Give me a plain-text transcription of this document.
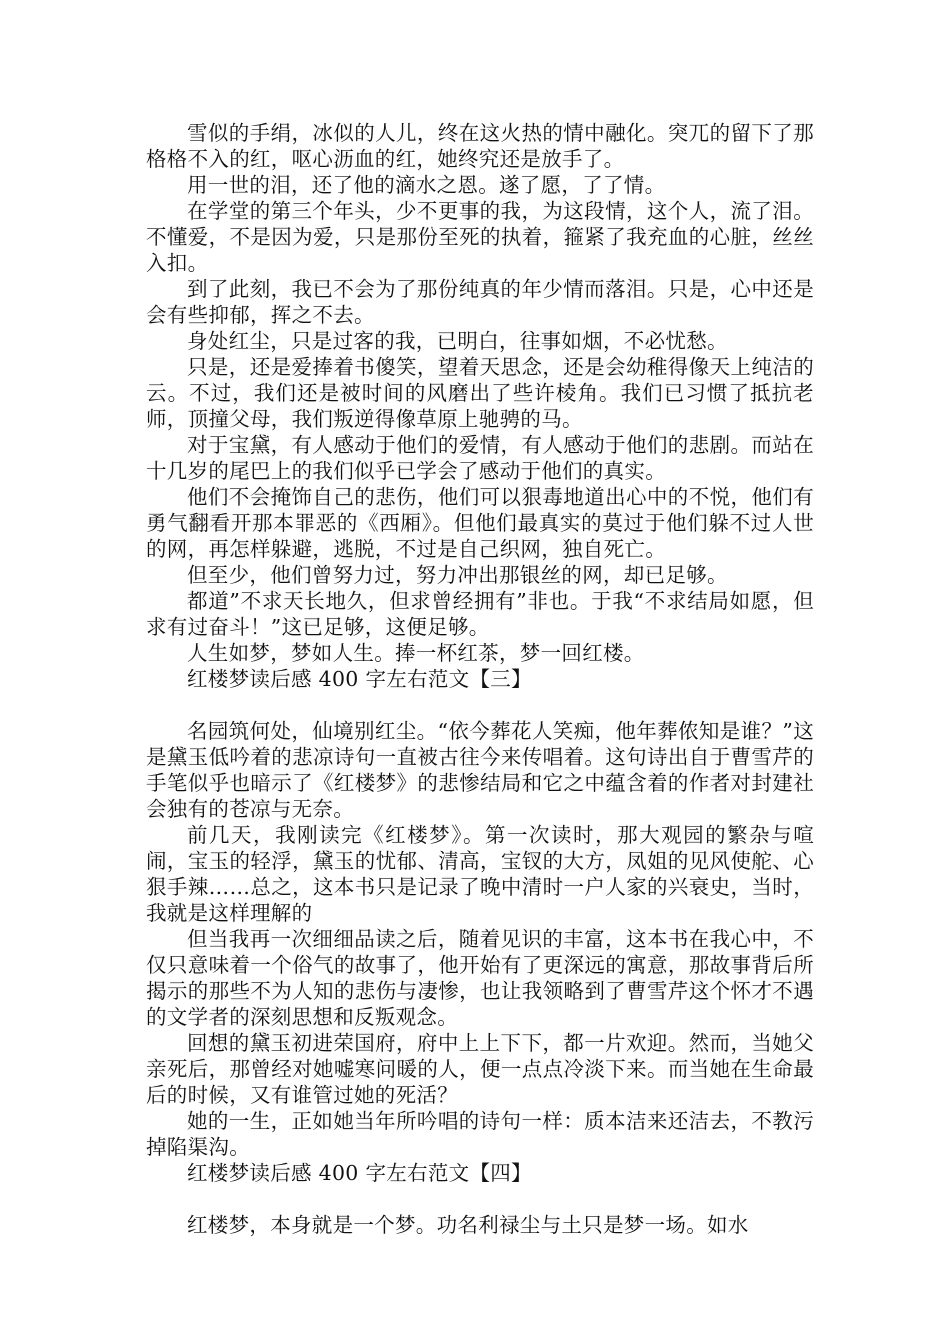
雪似的手绢，冰似的人儿，终在这火热的情中融化。突兀的留下了那格格不入的红，呕心沥血的红，她终究还是放手了。

用一世的泪，还了他的滴水之恩。遂了愿，了了情。

在学堂的第三个年头，少不更事的我，为这段情，这个人，流了泪。不懂爱，不是因为爱，只是那份至死的执着，箍紧了我充血的心脏，丝丝入扣。

到了此刻，我已不会为了那份纯真的年少情而落泪。只是，心中还是会有些抑郁，挥之不去。

身处红尘，只是过客的我，已明白，往事如烟，不必忧愁。

只是，还是爱捧着书傻笑，望着天思念，还是会幼稚得像天上纯洁的云。不过，我们还是被时间的风磨出了些许棱角。我们已习惯了抵抗老师，顶撞父母，我们叛逆得像草原上驰骋的马。

对于宝黛，有人感动于他们的爱情，有人感动于他们的悲剧。而站在十几岁的尾巴上的我们似乎已学会了感动于他们的真实。

他们不会掩饰自己的悲伤，他们可以狠毒地道出心中的不悦，他们有勇气翻看开那本罪恶的《西厢》。但他们最真实的莫过于他们躲不过人世的网，再怎样躲避，逃脱，不过是自己织网，独自死亡。

但至少，他们曾努力过，努力冲出那银丝的网，却已足够。

都道”不求天长地久，但求曾经拥有”非也。于我“不求结局如愿，但求有过奋斗！”这已足够，这便足够。

人生如梦，梦如人生。捧一杯红茶，梦一回红楼。

红楼梦读后感 400 字左右范文【三】

名园筑何处，仙境别红尘。“依今葬花人笑痴，他年葬侬知是谁？”这是黛玉低吟着的悲凉诗句一直被古往今来传唱着。这句诗出自于曹雪芹的手笔似乎也暗示了《红楼梦》的悲惨结局和它之中蕴含着的作者对封建社会独有的苍凉与无奈。

前几天，我刚读完《红楼梦》。第一次读时，那大观园的繁杂与喧闹，宝玉的轻浮，黛玉的忧郁、清高，宝钗的大方，凤姐的见风使舵、心狠手辣……总之，这本书只是记录了晚中清时一户人家的兴衰史，当时，我就是这样理解的

但当我再一次细细品读之后，随着见识的丰富，这本书在我心中，不仅只意味着一个俗气的故事了，他开始有了更深远的寓意，那故事背后所揭示的那些不为人知的悲伤与凄惨，也让我领略到了曹雪芹这个怀才不遇的文学者的深刻思想和反叛观念。

回想的黛玉初进荣国府，府中上上下下，都一片欢迎。然而，当她父亲死后，那曾经对她嘘寒问暖的人，便一点点冷淡下来。而当她在生命最后的时候，又有谁管过她的死活？

她的一生，正如她当年所吟唱的诗句一样：质本洁来还洁去，不教污掉陷渠沟。

红楼梦读后感 400 字左右范文【四】

红楼梦，本身就是一个梦。功名利禄尘与土只是梦一场。如水
